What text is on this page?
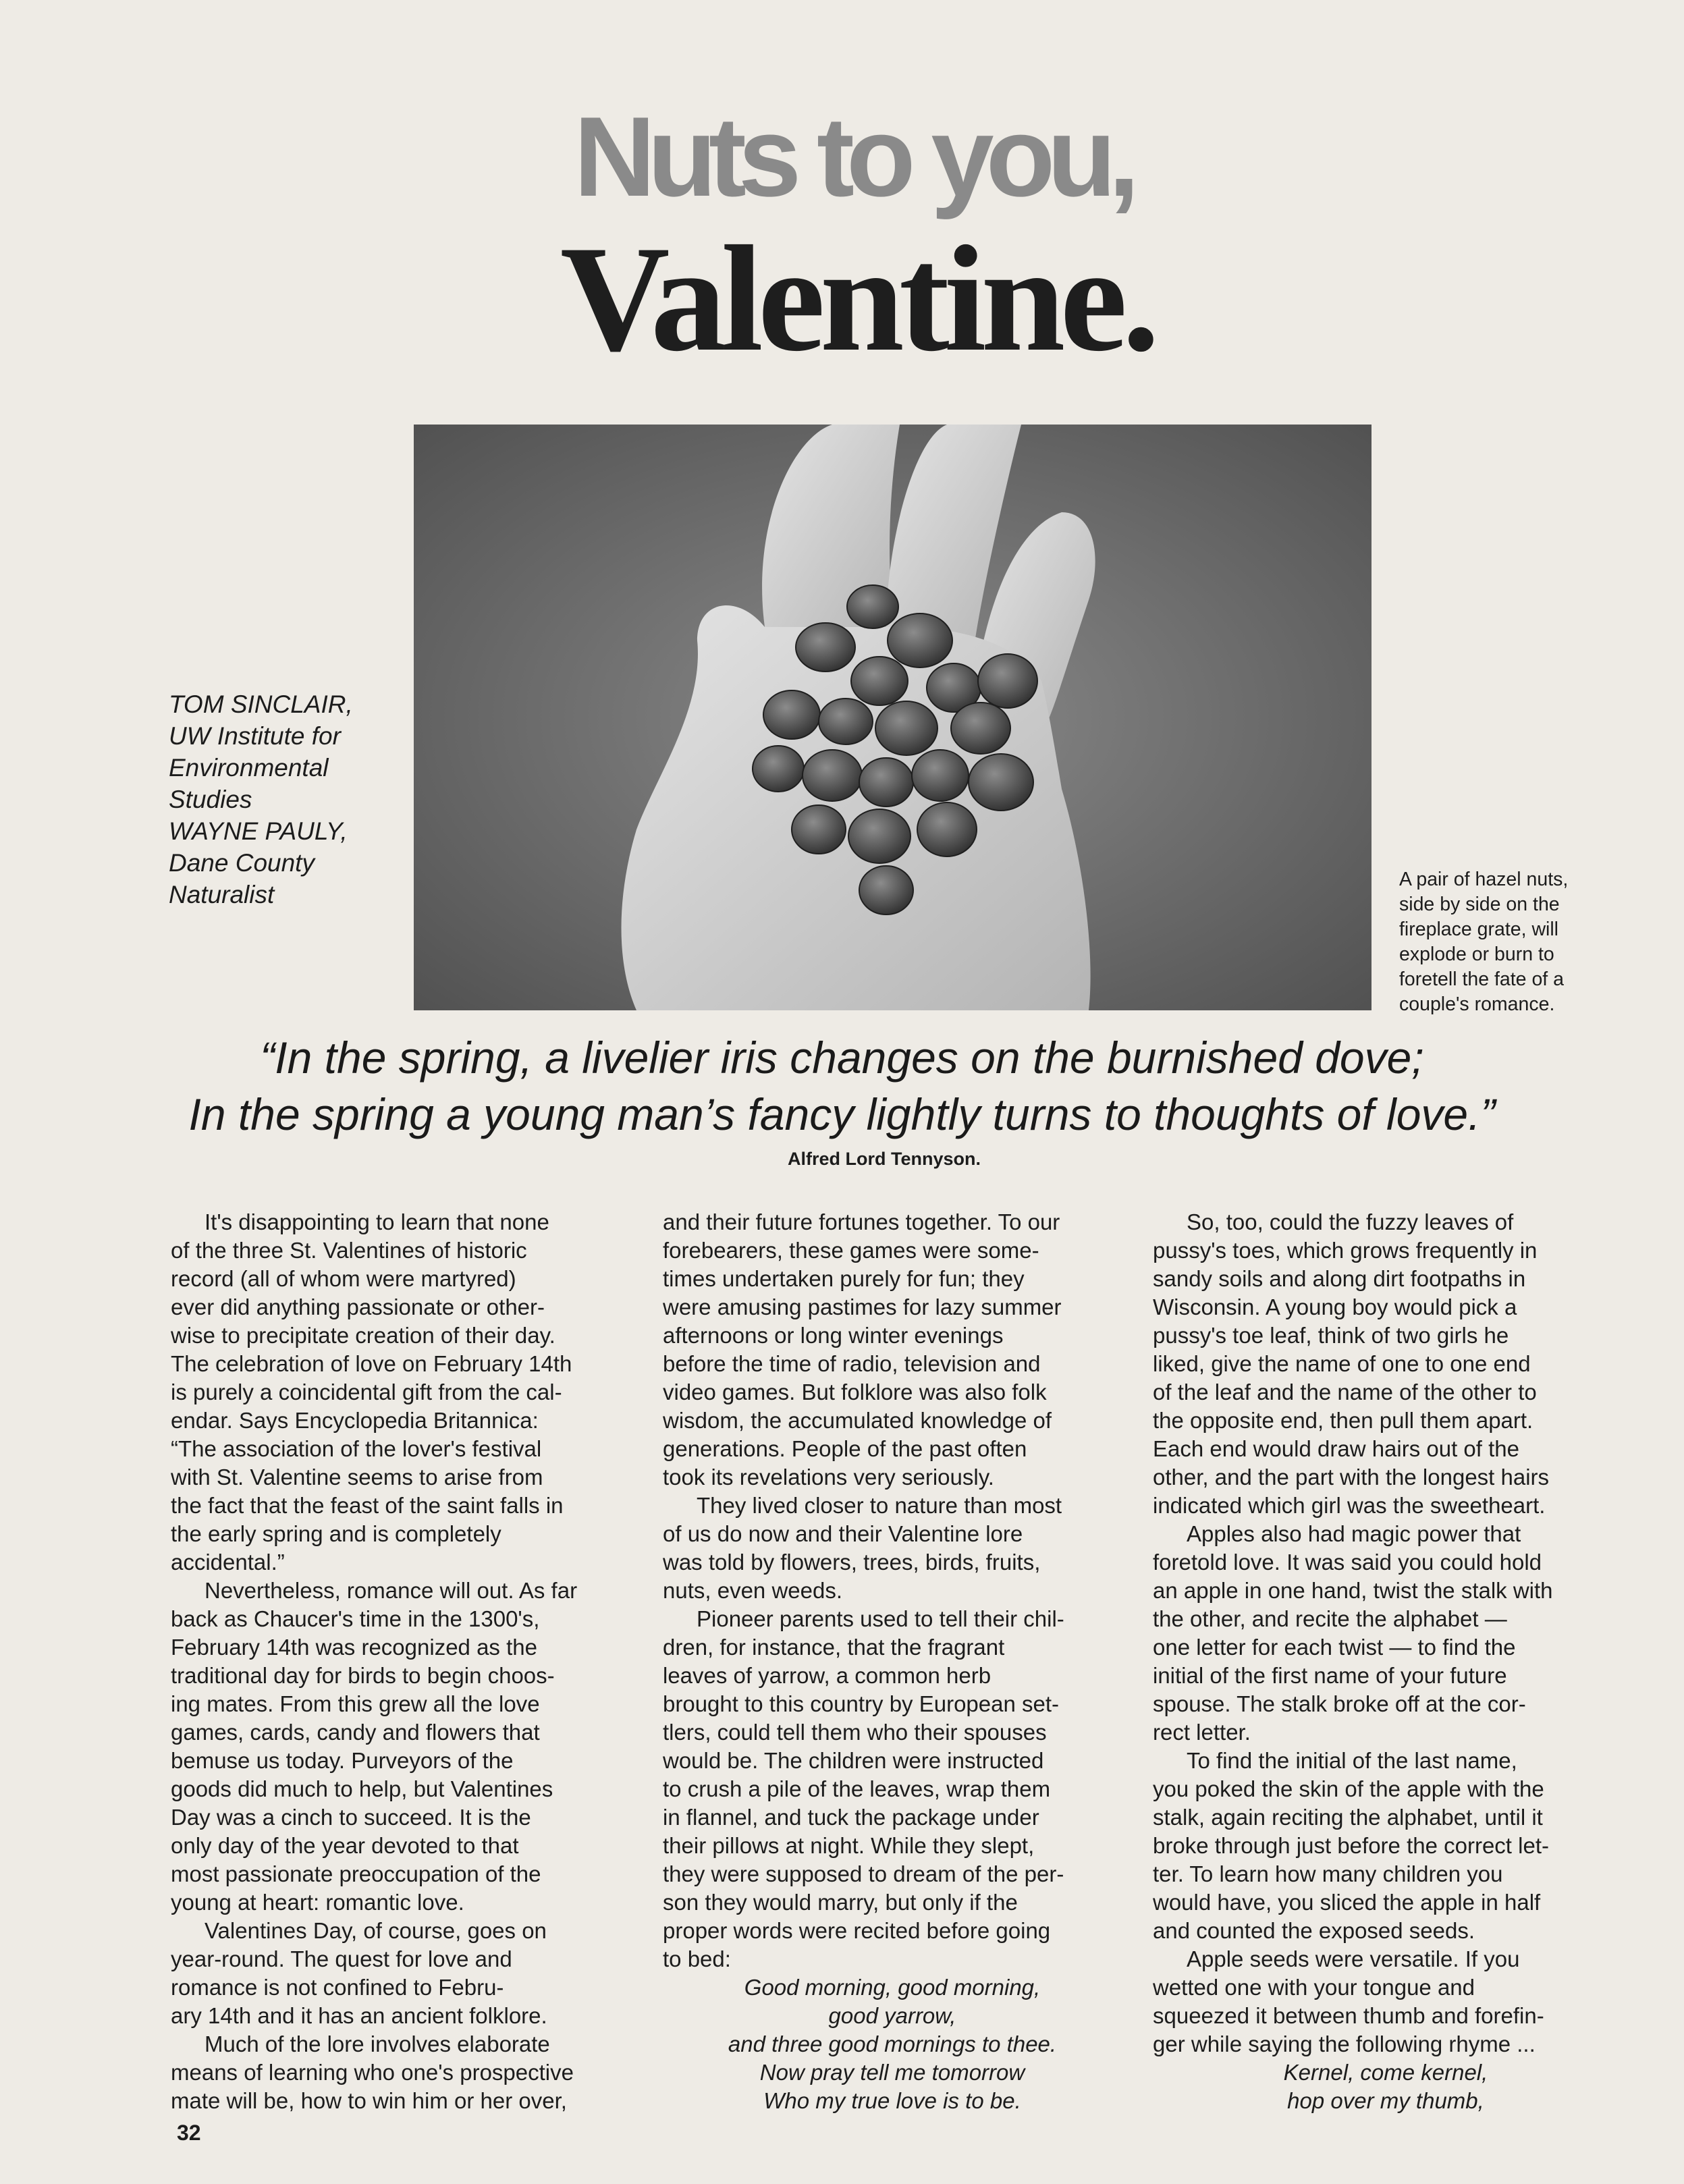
Nuts to you,
Valentine.
TOM SINCLAIR,
UW Institute for
Environmental
Studies
WAYNE PAULY,
Dane County
Naturalist
A pair of hazel nuts,
side by side on the
fireplace grate, will
explode or burn to
foretell the fate of a
couple's romance.
“In the spring, a livelier iris changes on the burnished dove;
In the spring a young man’s fancy lightly turns to thoughts of love.”
Alfred Lord Tennyson.
It's disappointing to learn that none
of the three St. Valentines of historic
record (all of whom were martyred)
ever did anything passionate or other-
wise to precipitate creation of their day.
The celebration of love on February 14th
is purely a coincidental gift from the cal-
endar. Says Encyclopedia Britannica:
“The association of the lover's festival
with St. Valentine seems to arise from
the fact that the feast of the saint falls in
the early spring and is completely
accidental.”
Nevertheless, romance will out. As far
back as Chaucer's time in the 1300's,
February 14th was recognized as the
traditional day for birds to begin choos-
ing mates. From this grew all the love
games, cards, candy and flowers that
bemuse us today. Purveyors of the
goods did much to help, but Valentines
Day was a cinch to succeed. It is the
only day of the year devoted to that
most passionate preoccupation of the
young at heart: romantic love.
Valentines Day, of course, goes on
year-round. The quest for love and
romance is not confined to Febru-
ary 14th and it has an ancient folklore.
Much of the lore involves elaborate
means of learning who one's prospective
mate will be, how to win him or her over,
and their future fortunes together. To our
forebearers, these games were some-
times undertaken purely for fun; they
were amusing pastimes for lazy summer
afternoons or long winter evenings
before the time of radio, television and
video games. But folklore was also folk
wisdom, the accumulated knowledge of
generations. People of the past often
took its revelations very seriously.
They lived closer to nature than most
of us do now and their Valentine lore
was told by flowers, trees, birds, fruits,
nuts, even weeds.
Pioneer parents used to tell their chil-
dren, for instance, that the fragrant
leaves of yarrow, a common herb
brought to this country by European set-
tlers, could tell them who their spouses
would be. The children were instructed
to crush a pile of the leaves, wrap them
in flannel, and tuck the package under
their pillows at night. While they slept,
they were supposed to dream of the per-
son they would marry, but only if the
proper words were recited before going
to bed:
Good morning, good morning,
good yarrow,
and three good mornings to thee.
Now pray tell me tomorrow
Who my true love is to be.
So, too, could the fuzzy leaves of
pussy's toes, which grows frequently in
sandy soils and along dirt footpaths in
Wisconsin. A young boy would pick a
pussy's toe leaf, think of two girls he
liked, give the name of one to one end
of the leaf and the name of the other to
the opposite end, then pull them apart.
Each end would draw hairs out of the
other, and the part with the longest hairs
indicated which girl was the sweetheart.
Apples also had magic power that
foretold love. It was said you could hold
an apple in one hand, twist the stalk with
the other, and recite the alphabet —
one letter for each twist — to find the
initial of the first name of your future
spouse. The stalk broke off at the cor-
rect letter.
To find the initial of the last name,
you poked the skin of the apple with the
stalk, again reciting the alphabet, until it
broke through just before the correct let-
ter. To learn how many children you
would have, you sliced the apple in half
and counted the exposed seeds.
Apple seeds were versatile. If you
wetted one with your tongue and
squeezed it between thumb and forefin-
ger while saying the following rhyme ...
Kernel, come kernel,
hop over my thumb,
32
